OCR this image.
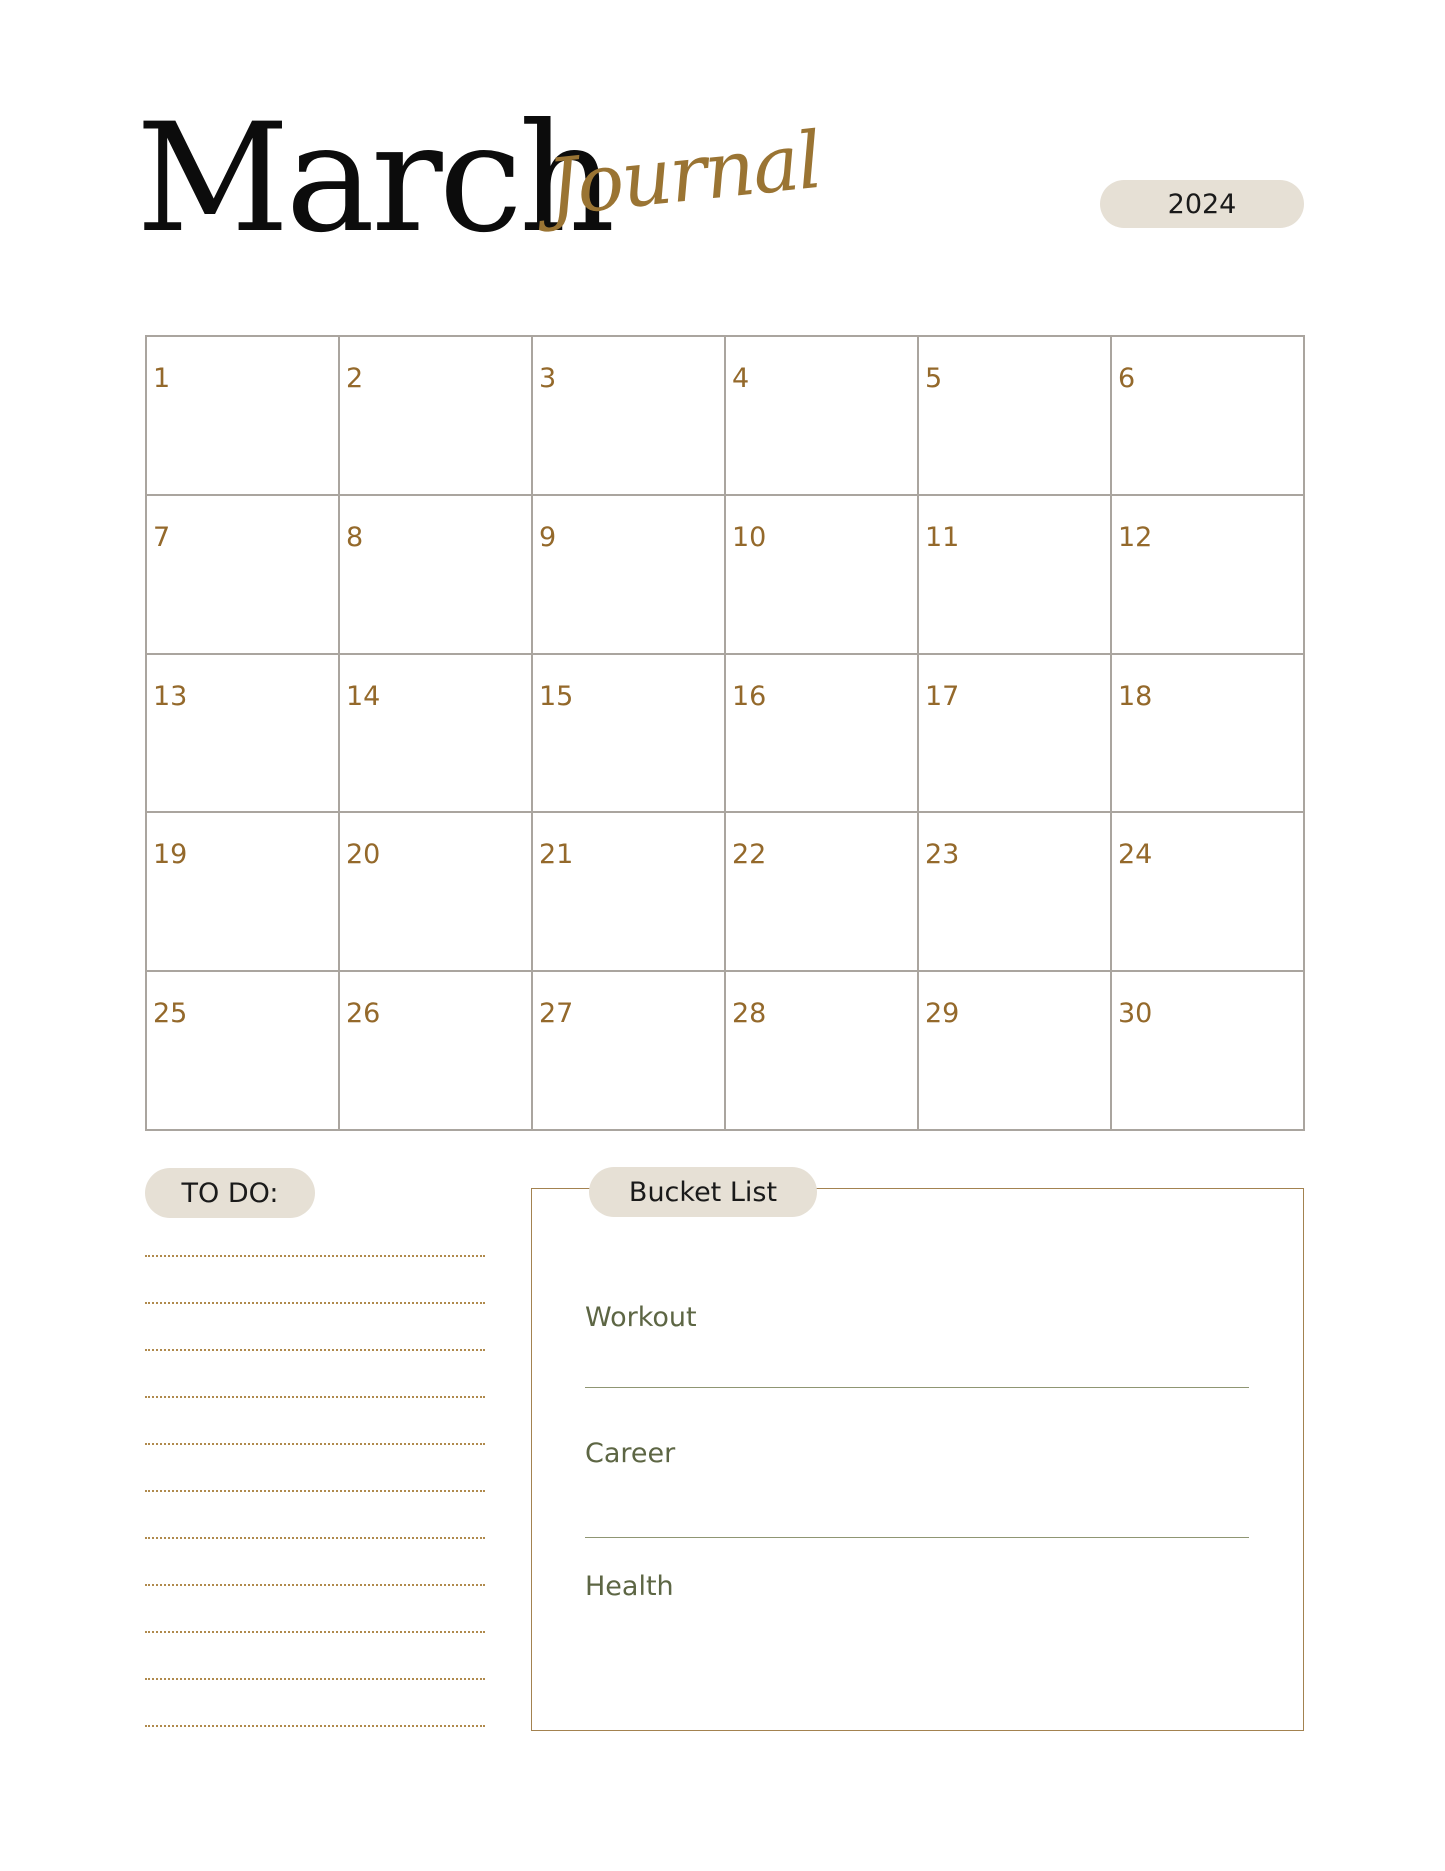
March
Journal	2024
1	2	3	4	5	6
7	8	9	10	11	12
13	14	15	16	17	18
19	20	21	22	23	24
25	26	27	28	29	30
TO DO:	Bucket List
Workout
Career
Health
